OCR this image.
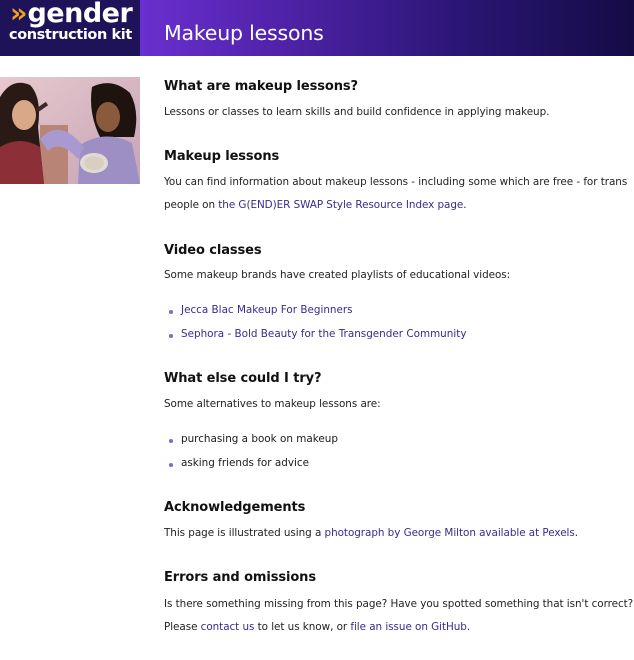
» gender
construction kit Makeup lessons
What are makeup lessons?

Lessons or classes to learn skills and build confidence in applying makeup.

Makeup lessons

You can find information about makeup lessons - including some which are free - for trans

people on the G(END)ER SWAP Style Resource Index page.

Video classes

Some makeup brands have created playlists of educational videos:

Jecca Blac Makeup For Beginners
Sephora - Bold Beauty for the Transgender Community
What else could I try?

Some alternatives to makeup lessons are:

purchasing a book on makeup
asking friends for advice
Acknowledgements

This page is illustrated using a photograph by George Milton available at Pexels.

Errors and omissions

Is there something missing from this page? Have you spotted something that isn't correct?

Please contact us to let us know, or file an issue on GitHub.
